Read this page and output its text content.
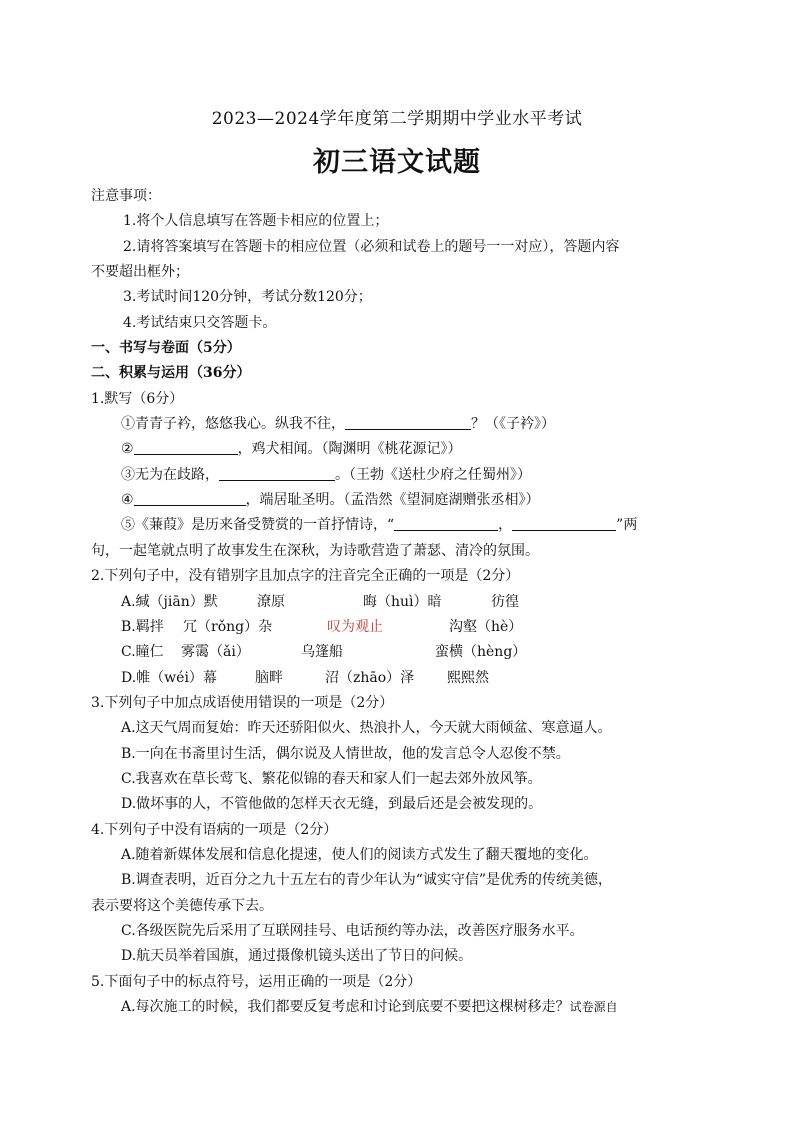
2023—2024学年度第二学期期中学业水平考试
初三语文试题
注意事项：
1.将个人信息填写在答题卡相应的位置上；
2.请将答案填写在答题卡的相应位置（必须和试卷上的题号一一对应），答题内容
不要超出框外；
3.考试时间120分钟，考试分数120分；
4.考试结束只交答题卡。
一、书写与卷面（5分）
二、积累与运用（36分）
1.默写（6分）
①青青子衿，悠悠我心。纵我不往，	？（《子衿》）
②	，鸡犬相闻。（陶渊明《桃花源记》）
③无为在歧路，	。（王勃《送杜少府之任蜀州》）
④	，端居耻圣明。（孟浩然《望洞庭湖赠张丞相》）
⑤《蒹葭》是历来备受赞赏的一首抒情诗，“	，	”两
句，一起笔就点明了故事发生在深秋，为诗歌营造了萧瑟、清冷的氛围。
2.下列句子中，没有错别字且加点字的注音完全正确的一项是（2分）
A.缄（jiān）默	潦原	晦（huì）暗	彷徨
B.羁拌 冗（rǒng）杂	叹为观止	沟壑（hè）
C.瞳仁 雾霭（ǎi）	乌篷船	蛮横（hèng）
D.帷（wéi）幕	脑畔	沼（zhāo）泽 熙熙然
3.下列句子中加点成语使用错误的一项是（2分）
A.这天气周而复始：昨天还骄阳似火、热浪扑人，今天就大雨倾盆、寒意逼人。
B.一向在书斋里讨生活，偶尔说及人情世故，他的发言总令人忍俊不禁。
C.我喜欢在草长莺飞、繁花似锦的春天和家人们一起去郊外放风筝。
D.做坏事的人，不管他做的怎样天衣无缝，到最后还是会被发现的。
4.下列句子中没有语病的一项是（2分）
A.随着新媒体发展和信息化提速，使人们的阅读方式发生了翻天覆地的变化。
B.调查表明，近百分之九十五左右的青少年认为“诚实守信”是优秀的传统美德，
表示要将这个美德传承下去。
C.各级医院先后采用了互联网挂号、电话预约等办法，改善医疗服务水平。
D.航天员举着国旗，通过摄像机镜头送出了节日的问候。
5.下面句子中的标点符号，运用正确的一项是（2分）
A.每次施工的时候，我们都要反复考虑和讨论到底要不要把这棵树移走？试卷源自
